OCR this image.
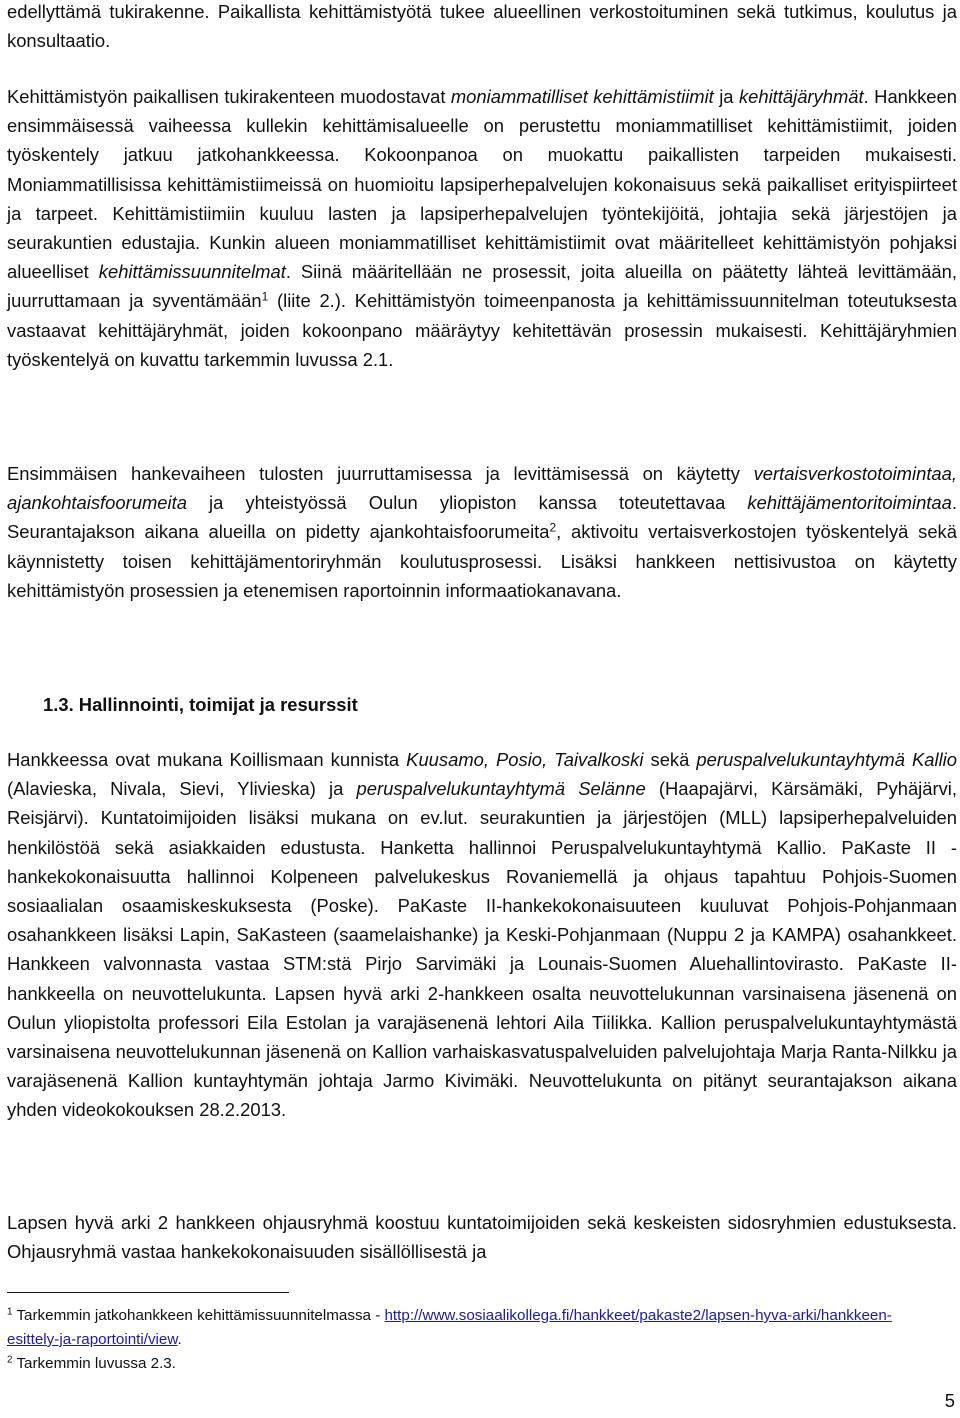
edellyttämä tukirakenne. Paikallista kehittämistyötä tukee alueellinen verkostoituminen sekä tutkimus, koulutus ja konsultaatio.

Kehittämistyön paikallisen tukirakenteen muodostavat moniammatilliset kehittämistiimit ja kehittäjäryhmät. Hankkeen ensimmäisessä vaiheessa kullekin kehittämisalueelle on perustettu moniammatilliset kehittämistiimit, joiden työskentely jatkuu jatkohankkeessa. Kokoonpanoa on muokattu paikallisten tarpeiden mukaisesti. Moniammatillisissa kehittämistiimeissä on huomioitu lapsiperhepalvelujen kokonaisuus sekä paikalliset erityispiirteet ja tarpeet. Kehittämistiimiin kuuluu lasten ja lapsiperhepalvelujen työntekijöitä, johtajia sekä järjestöjen ja seurakuntien edustajia. Kunkin alueen moniammatilliset kehittämistiimit ovat määritelleet kehittämistyön pohjaksi alueelliset kehittämissuunnitelmat. Siinä määritellään ne prosessit, joita alueilla on päätetty lähteä levittämään, juurruttamaan ja syventämään$^1$ (liite 2.). Kehittämistyön toimeenpanosta ja kehittämissuunnitelman toteutuksesta vastaavat kehittäjäryhmät, joiden kokoonpano määräytyy kehitettävän prosessin mukaisesti. Kehittäjäryhmien työskentelyä on kuvattu tarkemmin luvussa 2.1.

Ensimmäisen hankevaiheen tulosten juurruttamisessa ja levittämisessä on käytetty vertaisverkostotoimintaa, ajankohtaisfoorumeita ja yhteistyössä Oulun yliopiston kanssa toteutettavaa kehittäjämentoritoimintaa. Seurantajakson aikana alueilla on pidetty ajankohtaisfoorumeita$^2$, aktivoitu vertaisverkostojen työskentelyä sekä käynnistetty toisen kehittäjämentoriryhmän koulutusprosessi. Lisäksi hankkeen nettisivustoa on käytetty kehittämistyön prosessien ja etenemisen raportoinnin informaatiokanavana.

1.3. Hallinnointi, toimijat ja resurssit

Hankkeessa ovat mukana Koillismaan kunnista Kuusamo, Posio, Taivalkoski sekä peruspalvelukuntayhtymä Kallio (Alavieska, Nivala, Sievi, Ylivieska) ja peruspalvelukuntayhtymä Selänne (Haapajärvi, Kärsämäki, Pyhäjärvi, Reisjärvi). Kuntatoimijoiden lisäksi mukana on ev.lut. seurakuntien ja järjestöjen (MLL) lapsiperhepalveluiden henkilöstöä sekä asiakkaiden edustusta. Hanketta hallinnoi Peruspalvelukuntayhtymä Kallio. PaKaste II -hankekokonaisuutta hallinnoi Kolpeneen palvelukeskus Rovaniemellä ja ohjaus tapahtuu Pohjois-Suomen sosiaalialan osaamiskeskuksesta (Poske). PaKaste II-hankekokonaisuuteen kuuluvat Pohjois-Pohjanmaan osahankkeen lisäksi Lapin, SaKasteen (saamelaishanke) ja Keski-Pohjanmaan (Nuppu 2 ja KAMPA) osahankkeet. Hankkeen valvonnasta vastaa STM:stä Pirjo Sarvimäki ja Lounais-Suomen Aluehallintovirasto. PaKaste II-hankkeella on neuvottelukunta. Lapsen hyvä arki 2-hankkeen osalta neuvottelukunnan varsinaisena jäsenenä on Oulun yliopistolta professori Eila Estolan ja varajäsenenä lehtori Aila Tiilikka. Kallion peruspalvelukuntayhtymästä varsinaisena neuvottelukunnan jäsenenä on Kallion varhaiskasvatuspalveluiden palvelujohtaja Marja Ranta-Nilkku ja varajäsenenä Kallion kuntayhtymän johtaja Jarmo Kivimäki. Neuvottelukunta on pitänyt seurantajakson aikana yhden videokokouksen 28.2.2013.

Lapsen hyvä arki 2 hankkeen ohjausryhmä koostuu kuntatoimijoiden sekä keskeisten sidosryhmien edustuksesta. Ohjausryhmä vastaa hankekokonaisuuden sisällöllisestä ja

$^1$ Tarkemmin jatkohankkeen kehittämissuunnitelmassa - http://www.sosiaalikollega.fi/hankkeet/pakaste2/lapsen-hyva-arki/hankkeen-esittely-ja-raportointi/view.

$^2$ Tarkemmin luvussa 2.3.

5
